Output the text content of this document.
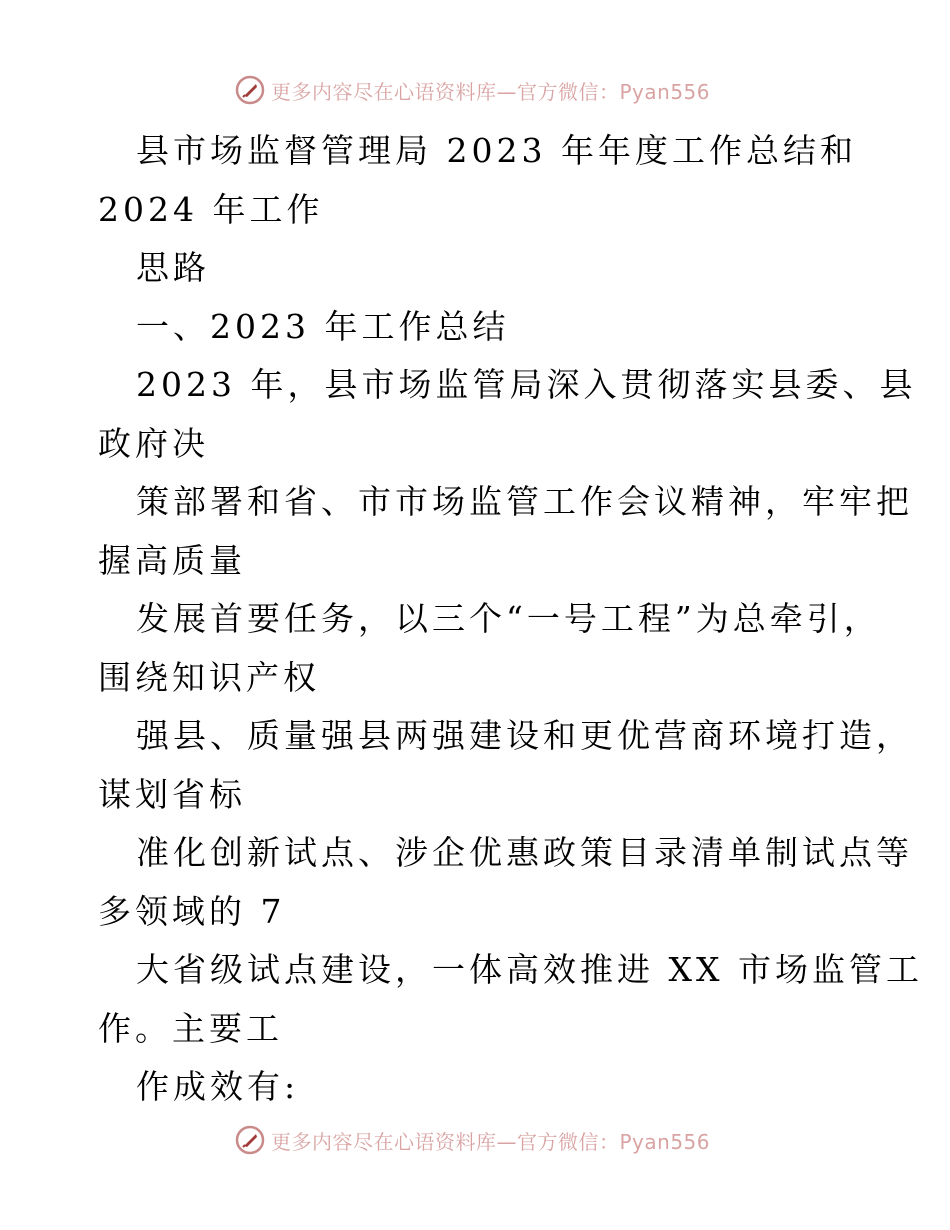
更多内容尽在心语资料库—官方微信：Pyan556
县市场监督管理局 2023 年年度工作总结和
2024 年工作
思路
一、2023 年工作总结
2023 年，县市场监管局深入贯彻落实县委、县
政府决
策部署和省、市市场监管工作会议精神，牢牢把
握高质量
发展首要任务，以三个“一号工程”为总牵引，
围绕知识产权
强县、质量强县两强建设和更优营商环境打造，
谋划省标
准化创新试点、涉企优惠政策目录清单制试点等
多领域的 7
大省级试点建设，一体高效推进 XX 市场监管工
作。主要工
作成效有:
更多内容尽在心语资料库—官方微信：Pyan556
